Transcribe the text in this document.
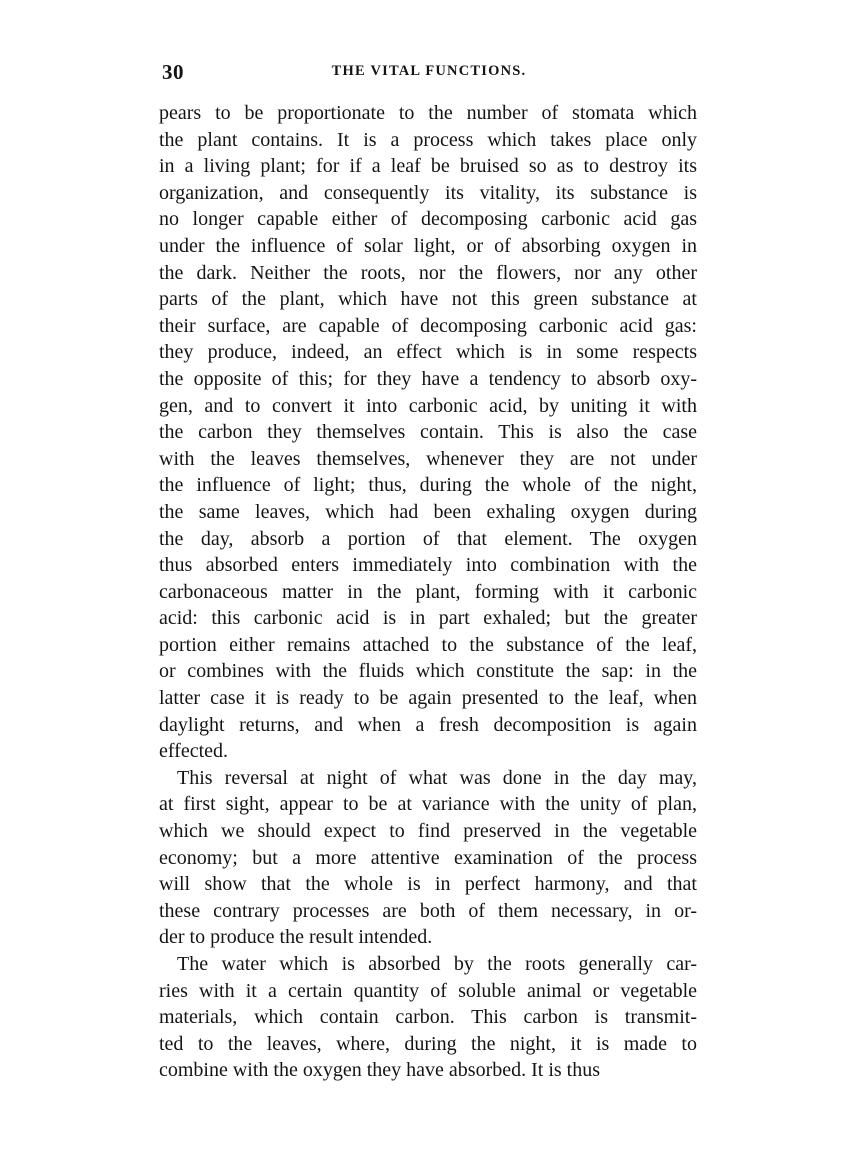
30	THE VITAL FUNCTIONS.
pears to be proportionate to the number of stomata which
the plant contains. It is a process which takes place only
in a living plant; for if a leaf be bruised so as to destroy its
organization, and consequently its vitality, its substance is
no longer capable either of decomposing carbonic acid gas
under the influence of solar light, or of absorbing oxygen in
the dark. Neither the roots, nor the flowers, nor any other
parts of the plant, which have not this green substance at
their surface, are capable of decomposing carbonic acid gas:
they produce, indeed, an effect which is in some respects
the opposite of this; for they have a tendency to absorb oxy-
gen, and to convert it into carbonic acid, by uniting it with
the carbon they themselves contain. This is also the case
with the leaves themselves, whenever they are not under
the influence of light; thus, during the whole of the night,
the same leaves, which had been exhaling oxygen during
the day, absorb a portion of that element. The oxygen
thus absorbed enters immediately into combination with the
carbonaceous matter in the plant, forming with it carbonic
acid: this carbonic acid is in part exhaled; but the greater
portion either remains attached to the substance of the leaf,
or combines with the fluids which constitute the sap: in the
latter case it is ready to be again presented to the leaf, when
daylight returns, and when a fresh decomposition is again
effected.
This reversal at night of what was done in the day may,
at first sight, appear to be at variance with the unity of plan,
which we should expect to find preserved in the vegetable
economy; but a more attentive examination of the process
will show that the whole is in perfect harmony, and that
these contrary processes are both of them necessary, in or-
der to produce the result intended.
The water which is absorbed by the roots generally car-
ries with it a certain quantity of soluble animal or vegetable
materials, which contain carbon. This carbon is transmit-
ted to the leaves, where, during the night, it is made to
combine with the oxygen they have absorbed. It is thus
